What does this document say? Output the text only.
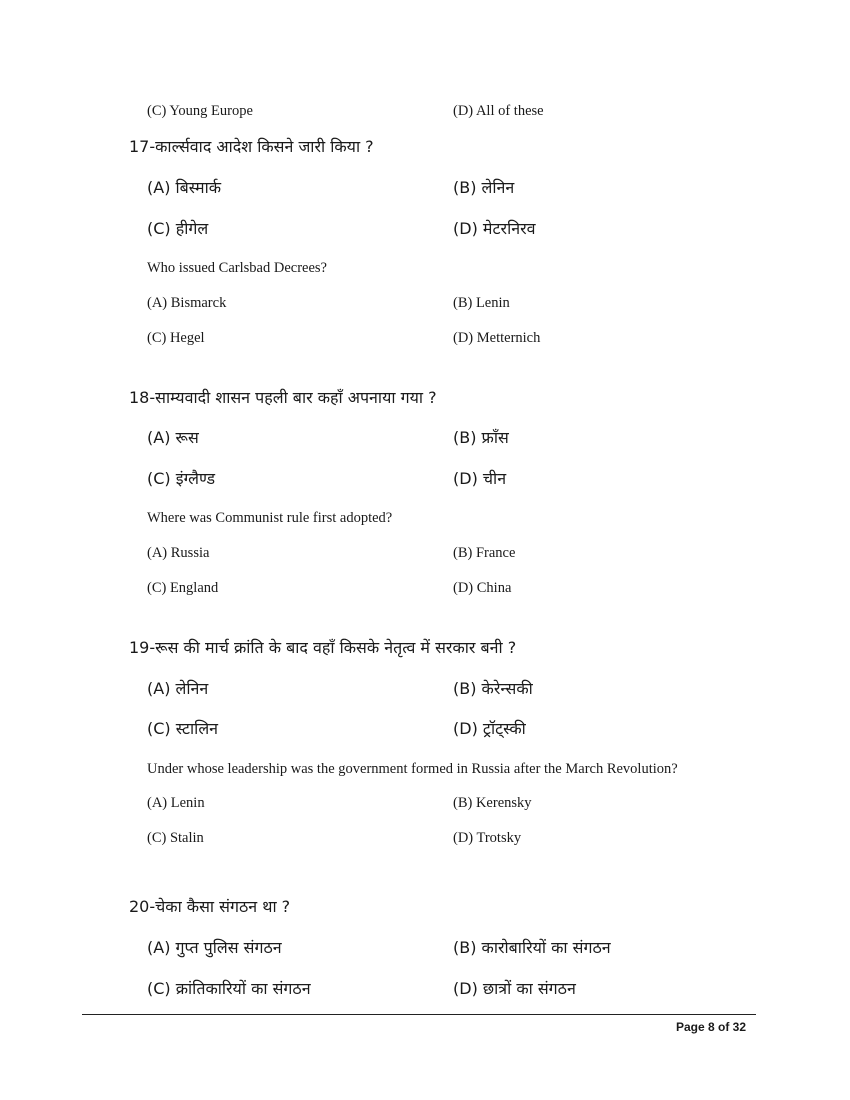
(C) Young Europe	(D) All of these
17-कार्ल्सवाद आदेश किसने जारी किया ?
(A) बिस्मार्क	(B) लेनिन
(C) हीगेल	(D) मेटरनिरव
Who issued Carlsbad Decrees?
(A) Bismarck	(B) Lenin
(C) Hegel	(D) Metternich
18-साम्यवादी शासन पहली बार कहाँ अपनाया गया ?
(A) रूस	(B) फ्राँस
(C) इंग्लैण्ड	(D) चीन
Where was Communist rule first adopted?
(A) Russia	(B) France
(C) England	(D) China
19-रूस की मार्च क्रांति के बाद वहाँ किसके नेतृत्व में सरकार बनी ?
(A) लेनिन	(B) केरेन्सकी
(C) स्टालिन	(D) ट्रॉट्स्की
Under whose leadership was the government formed in Russia after the March Revolution?
(A) Lenin	(B) Kerensky
(C) Stalin	(D) Trotsky
20-चेका कैसा संगठन था ?
(A) गुप्त पुलिस संगठन	(B) कारोबारियों का संगठन
(C) क्रांतिकारियों का संगठन	(D) छात्रों का संगठन
Page 8 of 32
